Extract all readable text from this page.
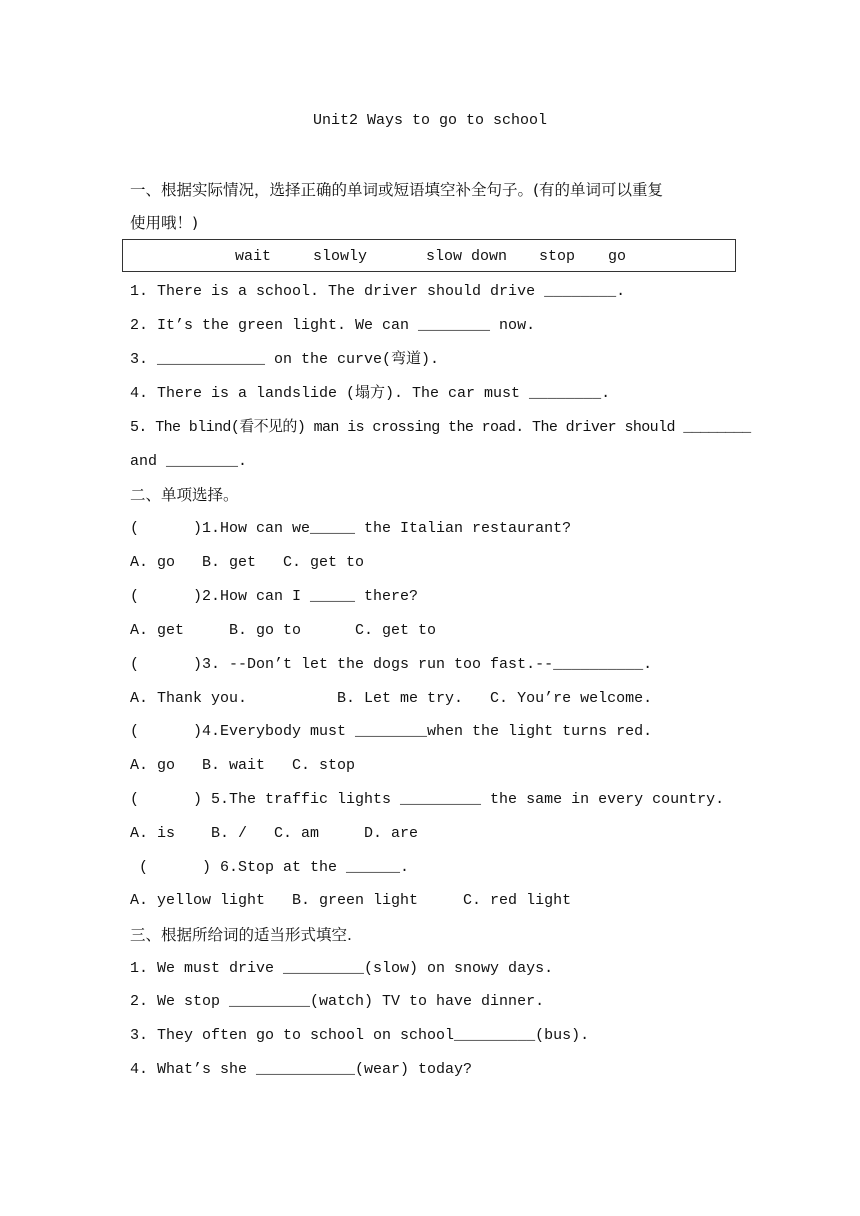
Unit2 Ways to go to school
一、根据实际情况，选择正确的单词或短语填空补全句子。(有的单词可以重复
使用哦！)
wait	slowly	slow down stop go
1. There is a school. The driver should drive ________.
2. It’s the green light. We can ________ now.
3. ____________ on the curve(弯道).
4. There is a landslide (塌方). The car must ________.
5. The blind(看不见的) man is crossing the road. The driver should ________
and ________.
二、单项选择。
(      )1.How can we_____ the Italian restaurant?
A. go   B. get   C. get to
(      )2.How can I _____ there?
A. get     B. go to      C. get to
(      )3. --Don’t let the dogs run too fast.--__________.
A. Thank you.          B. Let me try.   C. You’re welcome.
(      )4.Everybody must ________when the light turns red.
A. go   B. wait   C. stop
(      ) 5.The traffic lights _________ the same in every country.
A. is    B. /   C. am     D. are
(      ) 6.Stop at the ______.
A. yellow light   B. green light     C. red light
三、根据所给词的适当形式填空.
1. We must drive _________(slow) on snowy days.
2. We stop _________(watch) TV to have dinner.
3. They often go to school on school_________(bus).
4. What’s she ___________(wear) today?
